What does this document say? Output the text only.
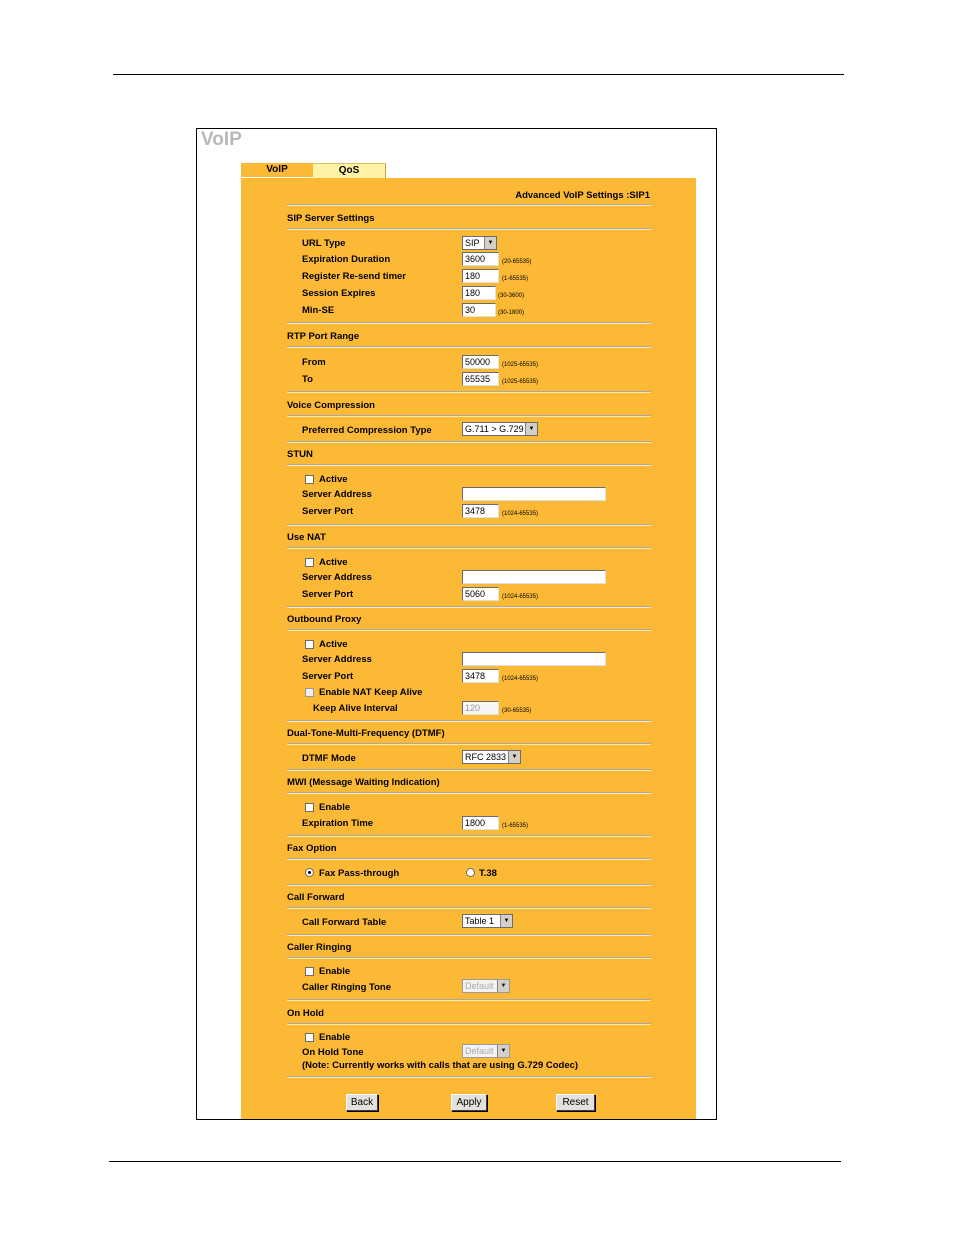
VoIP
VoIP	QoS
Advanced VoIP Settings :SIP1
SIP Server Settings
URL Type	SIP	▼
Expiration Duration	3600	(20-65535)
Register Re-send timer	180	(1-65535)
Session Expires	180	(30-3600)
Min-SE	30	(30-1800)
RTP Port Range
From	50000	(1025-65535)
To	65535	(1025-65535)
Voice Compression
Preferred Compression Type	G.711 > G.729 ▼
STUN
Active
Server Address
Server Port	3478	(1024-65535)
Use NAT
Active
Server Address
Server Port	5060	(1024-65535)
Outbound Proxy
Active
Server Address
Server Port	3478	(1024-65535)
Enable NAT Keep Alive
Keep Alive Interval	120	(30-65535)
Dual-Tone-Multi-Frequency (DTMF)
DTMF Mode	RFC 2833 ▼
MWI (Message Waiting Indication)
Enable
Expiration Time	1800	(1-65535)
Fax Option
Fax Pass-through	T.38
Call Forward
Call Forward Table	Table 1	▼
Caller Ringing
Enable
Caller Ringing Tone	Default	▼
On Hold
Enable
On Hold Tone	Default	▼
(Note: Currently works with calls that are using G.729 Codec)
Back	Apply	Reset
